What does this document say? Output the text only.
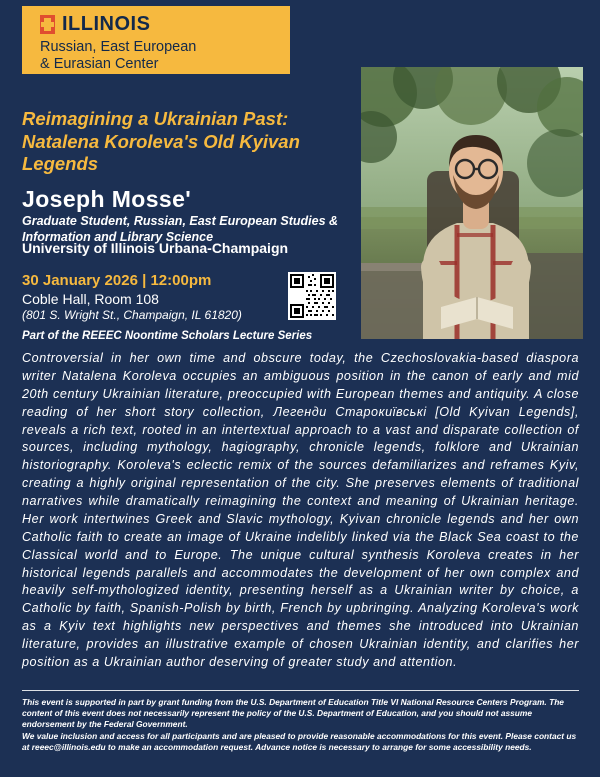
ILLINOIS
Russian, East European
& Eurasian Center
Reimagining a Ukrainian Past: Natalena Koroleva's Old Kyivan Legends
Joseph Mosse'
Graduate Student, Russian, East European Studies & Information and Library Science
University of Illinois Urbana-Champaign
30 January 2026 | 12:00pm
Coble Hall, Room 108
(801 S. Wright St., Champaign, IL 61820)
Part of the REEEC Noontime Scholars Lecture Series
Controversial in her own time and obscure today, the Czechoslovakia-based diaspora writer Natalena Koroleva occupies an ambiguous position in the canon of early and mid 20th century Ukrainian literature, preoccupied with European themes and antiquity. A close reading of her short story collection, Легенди Старокиївські [Old Kyivan Legends], reveals a rich text, rooted in an intertextual approach to a vast and disparate collection of sources, including mythology, hagiography, chronicle legends, folklore and Ukrainian historiography. Koroleva's eclectic remix of the sources defamiliarizes and reframes Kyiv, creating a highly original representation of the city. She preserves elements of traditional narratives while dramatically reimagining the context and meaning of Ukrainian heritage. Her work intertwines Greek and Slavic mythology, Kyivan chronicle legends and her own Catholic faith to create an image of Ukraine indelibly linked via the Black Sea coast to the Classical world and to Europe. The unique cultural synthesis Koroleva creates in her historical legends parallels and accommodates the development of her own complex and heavily self-mythologized identity, presenting herself as a Ukrainian writer by choice, a Catholic by faith, Spanish-Polish by birth, French by upbringing. Analyzing Koroleva's work as a Kyiv text highlights new perspectives and themes she introduced into Ukrainian literature, provides an illustrative example of chosen Ukrainian identity, and clarifies her position as a Ukrainian author deserving of greater study and attention.
This event is supported in part by grant funding from the U.S. Department of Education Title VI National Resource Centers Program. The content of this event does not necessarily represent the policy of the U.S. Department of Education, and you should not assume endorsement by the Federal Government.
We value inclusion and access for all participants and are pleased to provide reasonable accommodations for this event. Please contact us at reeec@illinois.edu to make an accommodation request. Advance notice is necessary to arrange for some accessibility needs.
